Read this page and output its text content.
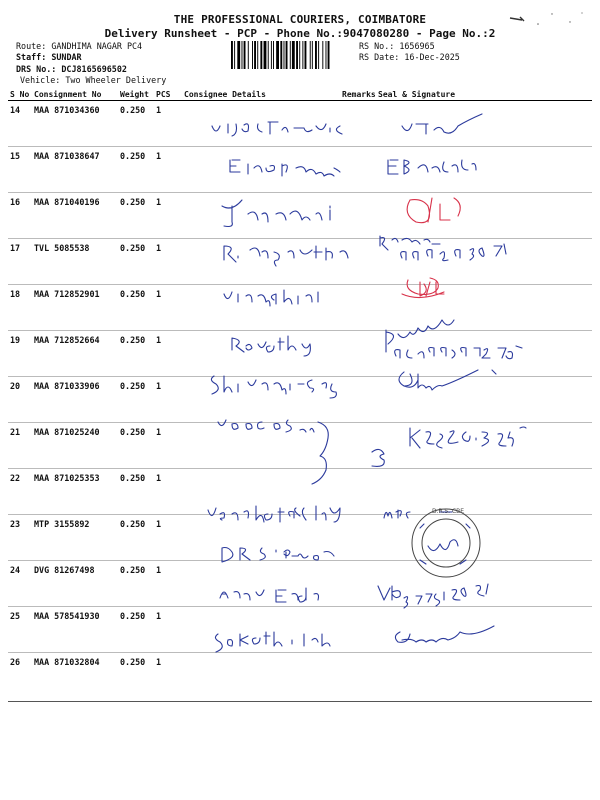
THE PROFESSIONAL COURIERS, COIMBATORE
Delivery Runsheet - PCP - Phone No.:9047080280 - Page No.:2
Route: GANDHIMA NAGAR PC4
Staff: SUNDAR
DRS No.: DCJ8165696502
Vehicle: Two Wheeler Delivery
RS No.: 1656965
RS Date: 16-Dec-2025
S No	Consignment No	Weight	PCS	Consignee Details	Remarks	Seal & Signature
14	MAA 871034360	0.250	1			
15	MAA 871038647	0.250	1			
16	MAA 871040196	0.250	1			
17	TVL 5085538	0.250	1			
18	MAA 712852901	0.250	1			
19	MAA 712852664	0.250	1			
20	MAA 871033906	0.250	1			
21	MAA 871025240	0.250	1			
22	MAA 871025353	0.250	1			
23	MTP 3155892	0.250	1			
24	DVG 81267498	0.250	1			
25	MAA 578541930	0.250	1			
26	MAA 871032804	0.250	1			
D.R.S. CBE
